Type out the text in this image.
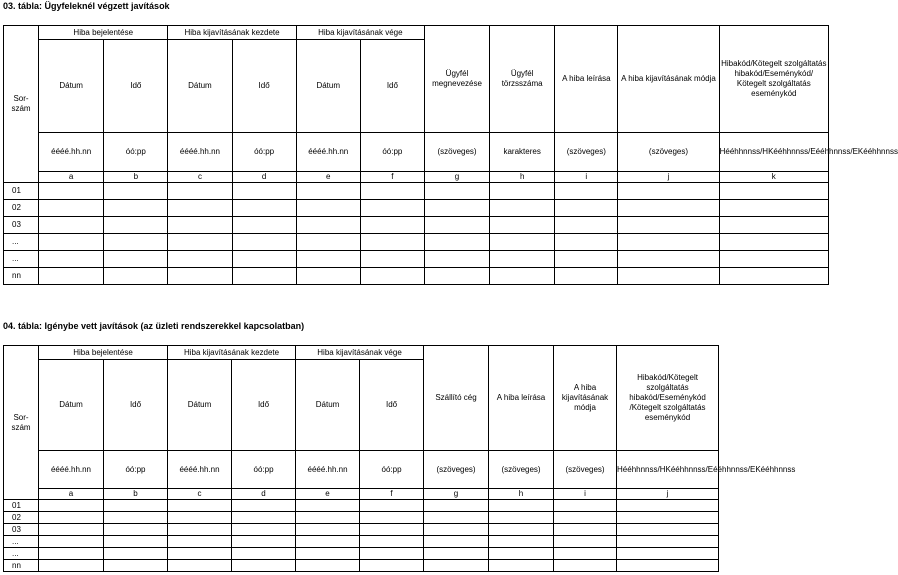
03. tábla: Ügyfeleknél végzett javítások
Sor-szám	Hiba bejelentése		Hiba kijavításának kezdete		Hiba kijavításának vége		Ügyfél megnevezése	Ügyfél törzsszáma	A hiba leírása	A hiba kijavításának módja	Hibakód/Kötegelt szolgáltatás hibakód/Eseménykód/ Kötegelt szolgáltatás eseménykód
	Dátum	Idő	Dátum	Idő	Dátum	Idő					
	éééé.hh.nn	óó:pp	éééé.hh.nn	óó:pp	éééé.hh.nn	óó:pp	(szöveges)	karakteres	(szöveges)	(szöveges)	Hééhhnnss/HKééhhnnss/Eééhhnnss/EKééhhnnss
	a	b	c	d	e	f	g	h	i	j	k
01											
02											
03											
...											
...											
nn											
04. tábla: Igénybe vett javítások (az üzleti rendszerekkel kapcsolatban)
Sor-szám	Hiba bejelentése		Hiba kijavításának kezdete		Hiba kijavításának vége		Szállító cég	A hiba leírása	A hiba kijavításának módja	Hibakód/Kötegelt szolgáltatás hibakód/Eseménykód /Kötegelt szolgáltatás eseménykód
	Dátum	Idő	Dátum	Idő	Dátum	Idő				
	éééé.hh.nn	óó:pp	éééé.hh.nn	óó:pp	éééé.hh.nn	óó:pp	(szöveges)	(szöveges)	(szöveges)	Hééhhnnss/HKééhhnnss/Eééhhnnss/EKééhhnnss
	a	b	c	d	e	f	g	h	i	j
01										
02										
03										
...										
...										
nn										
